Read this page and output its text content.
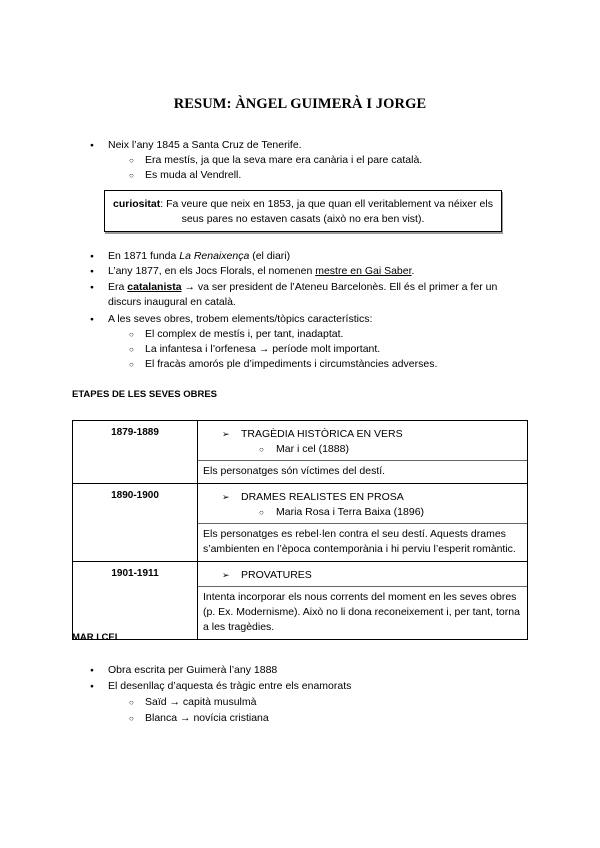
RESUM: ÀNGEL GUIMERÀ I JORGE
● Neix l’any 1845 a Santa Cruz de Tenerife.
○ Era mestís, ja que la seva mare era canària i el pare català.
○ Es muda al Vendrell.
curiositat: Fa veure que neix en 1853, ja que quan ell veritablement va néixer els seus pares no estaven casats (això no era ben vist).
● En 1871 funda La Renaixença (el diari)
● L’any 1877, en els Jocs Florals, el nomenen mestre en Gai Saber.
● Era catalanista → va ser president de l’Ateneu Barcelonès. Ell és el primer a fer un discurs inaugural en català.
● A les seves obres, trobem elements/tòpics característics:
○ El complex de mestís i, per tant, inadaptat.
○ La infantesa i l’orfenesa → període molt important.
○ El fracàs amorós ple d’impediments i circumstàncies adverses.
ETAPES DE LES SEVES OBRES
1879-1889	➢ TRAGÈDIA HISTÒRICA EN VERS
○ Mar i cel (1888)
Els personatges són víctimes del destí.

1890-1900	➢ DRAMES REALISTES EN PROSA
○ Maria Rosa i Terra Baixa (1896)
Els personatges es rebel·len contra el seu destí. Aquests drames s’ambienten en l’època contemporània i hi perviu l’esperit romàntic.

1901-1911	➢ PROVATURES
Intenta incorporar els nous corrents del moment en les seves obres (p. Ex. Modernisme). Això no li dona reconeixement i, per tant, torna a les tragèdies.
MAR I CEL
● Obra escrita per Guimerà l’any 1888
● El desenllaç d’aquesta és tràgic entre els enamorats
○ Saïd → capità musulmà
○ Blanca → novícia cristiana
